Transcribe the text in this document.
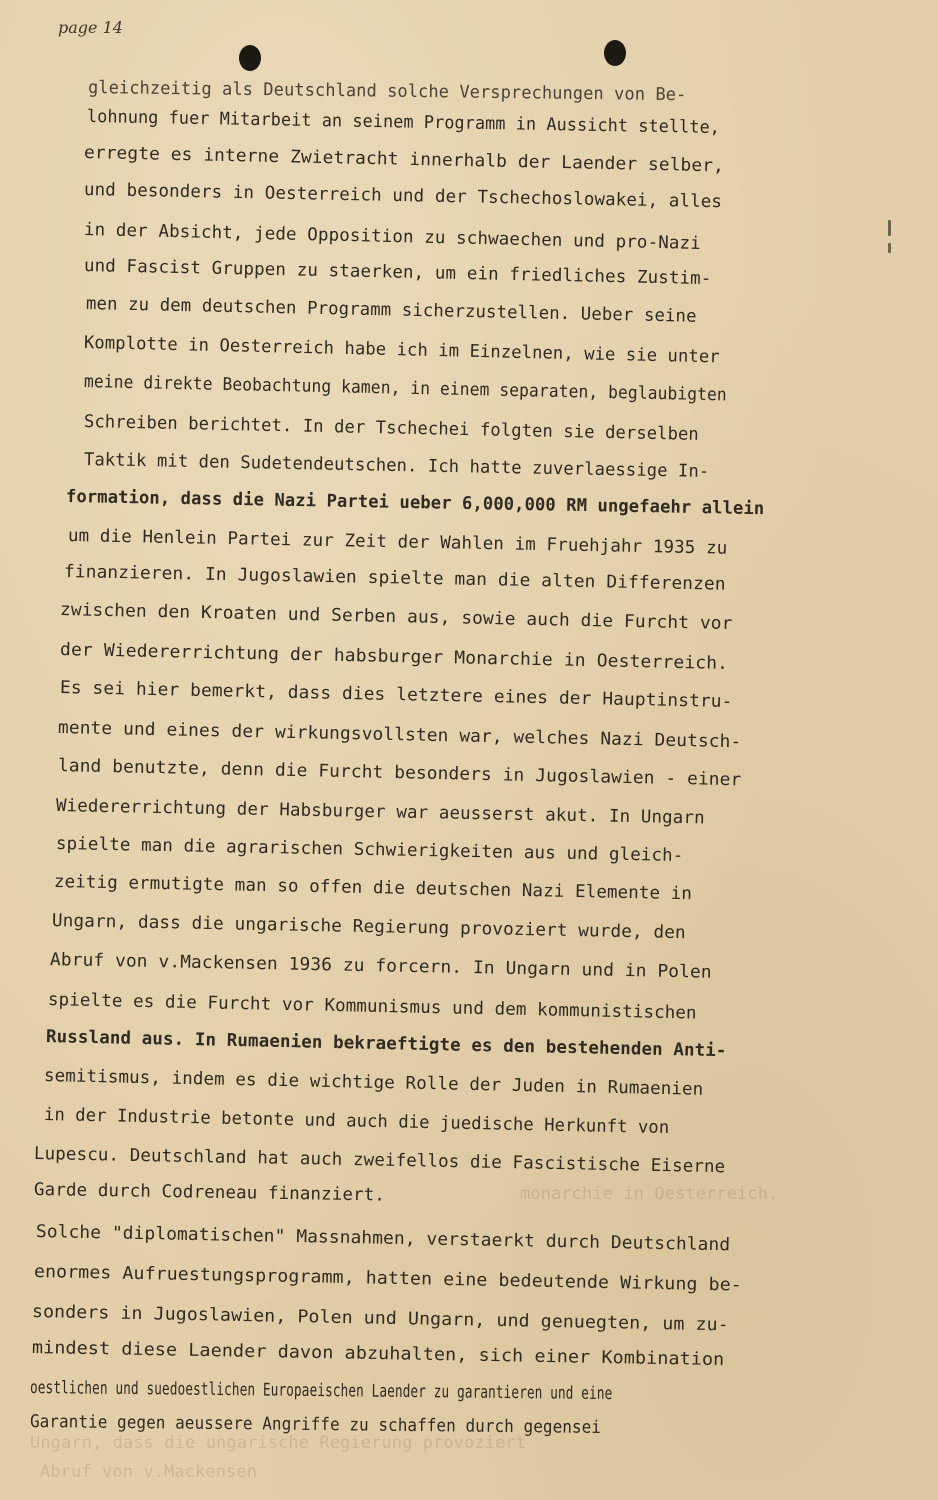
page 14
Ungarn, dass die ungarische Regierung provoziert
Abruf von v.Mackensen
monarchie in Oesterreich.
gleichzeitig als Deutschland solche Versprechungen von Be-
lohnung fuer Mitarbeit an seinem Programm in Aussicht stellte,
erregte es interne Zwietracht innerhalb der Laender selber,
und besonders in Oesterreich und der Tschechoslowakei, alles
in der Absicht, jede Opposition zu schwaechen und pro-Nazi
und Fascist Gruppen zu staerken, um ein friedliches Zustim-
men zu dem deutschen Programm sicherzustellen. Ueber seine
Komplotte in Oesterreich habe ich im Einzelnen, wie sie unter
meine direkte Beobachtung kamen, in einem separaten, beglaubigten
Schreiben berichtet. In der Tschechei folgten sie derselben
Taktik mit den Sudetendeutschen. Ich hatte zuverlaessige In-
formation, dass die Nazi Partei ueber 6,000,000 RM ungefaehr allein
um die Henlein Partei zur Zeit der Wahlen im Fruehjahr 1935 zu
finanzieren. In Jugoslawien spielte man die alten Differenzen
zwischen den Kroaten und Serben aus, sowie auch die Furcht vor
der Wiedererrichtung der habsburger Monarchie in Oesterreich.
Es sei hier bemerkt, dass dies letztere eines der Hauptinstru-
mente und eines der wirkungsvollsten war, welches Nazi Deutsch-
land benutzte, denn die Furcht besonders in Jugoslawien - einer
Wiedererrichtung der Habsburger war aeusserst akut. In Ungarn
spielte man die agrarischen Schwierigkeiten aus und gleich-
zeitig ermutigte man so offen die deutschen Nazi Elemente in
Ungarn, dass die ungarische Regierung provoziert wurde, den
Abruf von v.Mackensen 1936 zu forcern. In Ungarn und in Polen
spielte es die Furcht vor Kommunismus und dem kommunistischen
Russland aus. In Rumaenien bekraeftigte es den bestehenden Anti-
semitismus, indem es die wichtige Rolle der Juden in Rumaenien
in der Industrie betonte und auch die juedische Herkunft von
Lupescu. Deutschland hat auch zweifellos die Fascistische Eiserne
Garde durch Codreneau finanziert.
Solche "diplomatischen" Massnahmen, verstaerkt durch Deutschland
enormes Aufruestungsprogramm, hatten eine bedeutende Wirkung be-
sonders in Jugoslawien, Polen und Ungarn, und genuegten, um zu-
mindest diese Laender davon abzuhalten, sich einer Kombination
oestlichen und suedoestlichen Europaeischen Laender zu garantieren und eine
Garantie gegen aeussere Angriffe zu schaffen durch gegensei
